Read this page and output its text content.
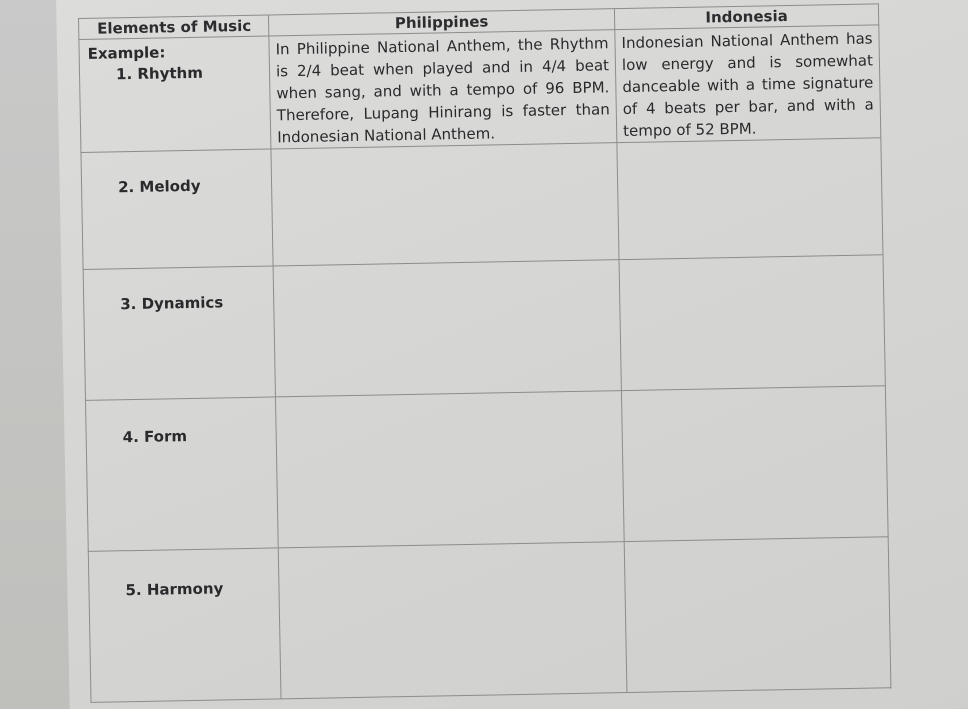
Elements of Music	Philippines	Indonesia

Example:
1. Rhythm	In Philippine National Anthem, the Rhythm is 2/4 beat when played and in 4/4 beat when sang, and with a tempo of 96 BPM. Therefore, Lupang Hinirang is faster than Indonesian National Anthem.	Indonesian National Anthem has low energy and is somewhat danceable with a time signature of 4 beats per bar, and with a tempo of 52 BPM.

2. Melody		

3. Dynamics		

4. Form		

5. Harmony		
